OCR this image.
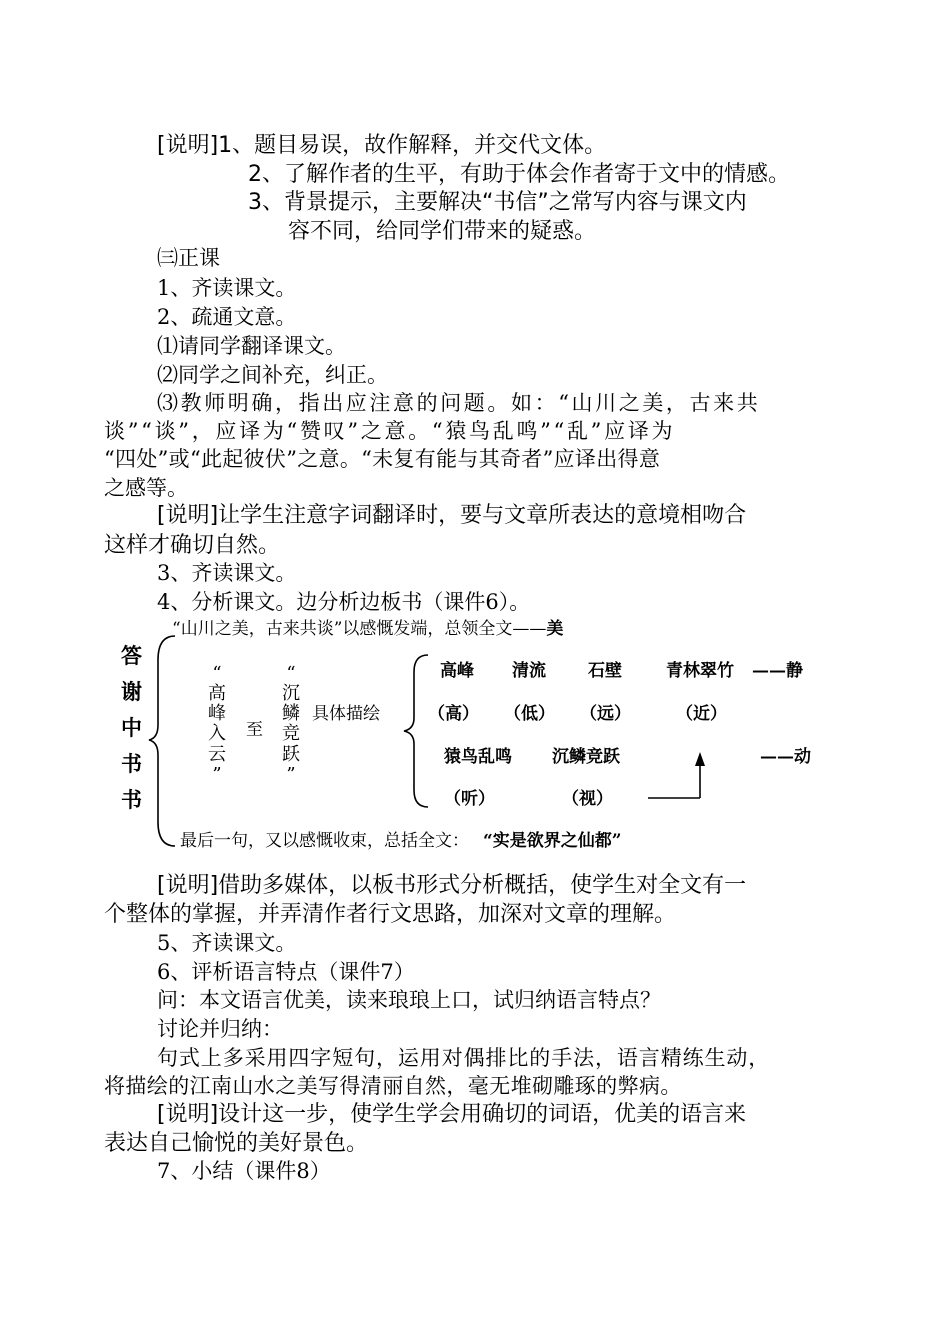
[说明]1、题目易误，故作解释，并交代文体。
2、了解作者的生平，有助于体会作者寄于文中的情感。
3、背景提示，主要解决“书信”之常写内容与课文内
容不同，给同学们带来的疑惑。
㈢正课
1、齐读课文。
2、疏通文意。
⑴请同学翻译课文。
⑵同学之间补充，纠正。
⑶教师明确，指出应注意的问题。如：“山川之美，古来共
谈”“谈”，应译为“赞叹”之意。“猿鸟乱鸣”“乱”应译为
“四处”或“此起彼伏”之意。“未复有能与其奇者”应译出得意
之感等。
[说明]让学生注意字词翻译时，要与文章所表达的意境相吻合
这样才确切自然。
3、齐读课文。
4、分析课文。边分析边板书（课件6）。
答
谢
中
书
书
“山川之美，古来共谈”以感慨发端，总领全文——美
“
高
峰
入
云
”
至
“
沉
鳞
竞
跃
”
具体描绘
高峰 清流 石壁	青林翠竹 ——静
（高） （低） （远）	（近）
猿鸟乱鸣 沉鳞竞跃	——动
（听）	（视）
最后一句，又以感慨收束，总括全文： “实是欲界之仙都”
[说明]借助多媒体，以板书形式分析概括，使学生对全文有一
个整体的掌握，并弄清作者行文思路，加深对文章的理解。
5、齐读课文。
6、评析语言特点（课件7）
问：本文语言优美，读来琅琅上口，试归纳语言特点？
讨论并归纳：
句式上多采用四字短句，运用对偶排比的手法，语言精练生动，
将描绘的江南山水之美写得清丽自然，毫无堆砌雕琢的弊病。
[说明]设计这一步，使学生学会用确切的词语，优美的语言来
表达自己愉悦的美好景色。
7、小结（课件8）
